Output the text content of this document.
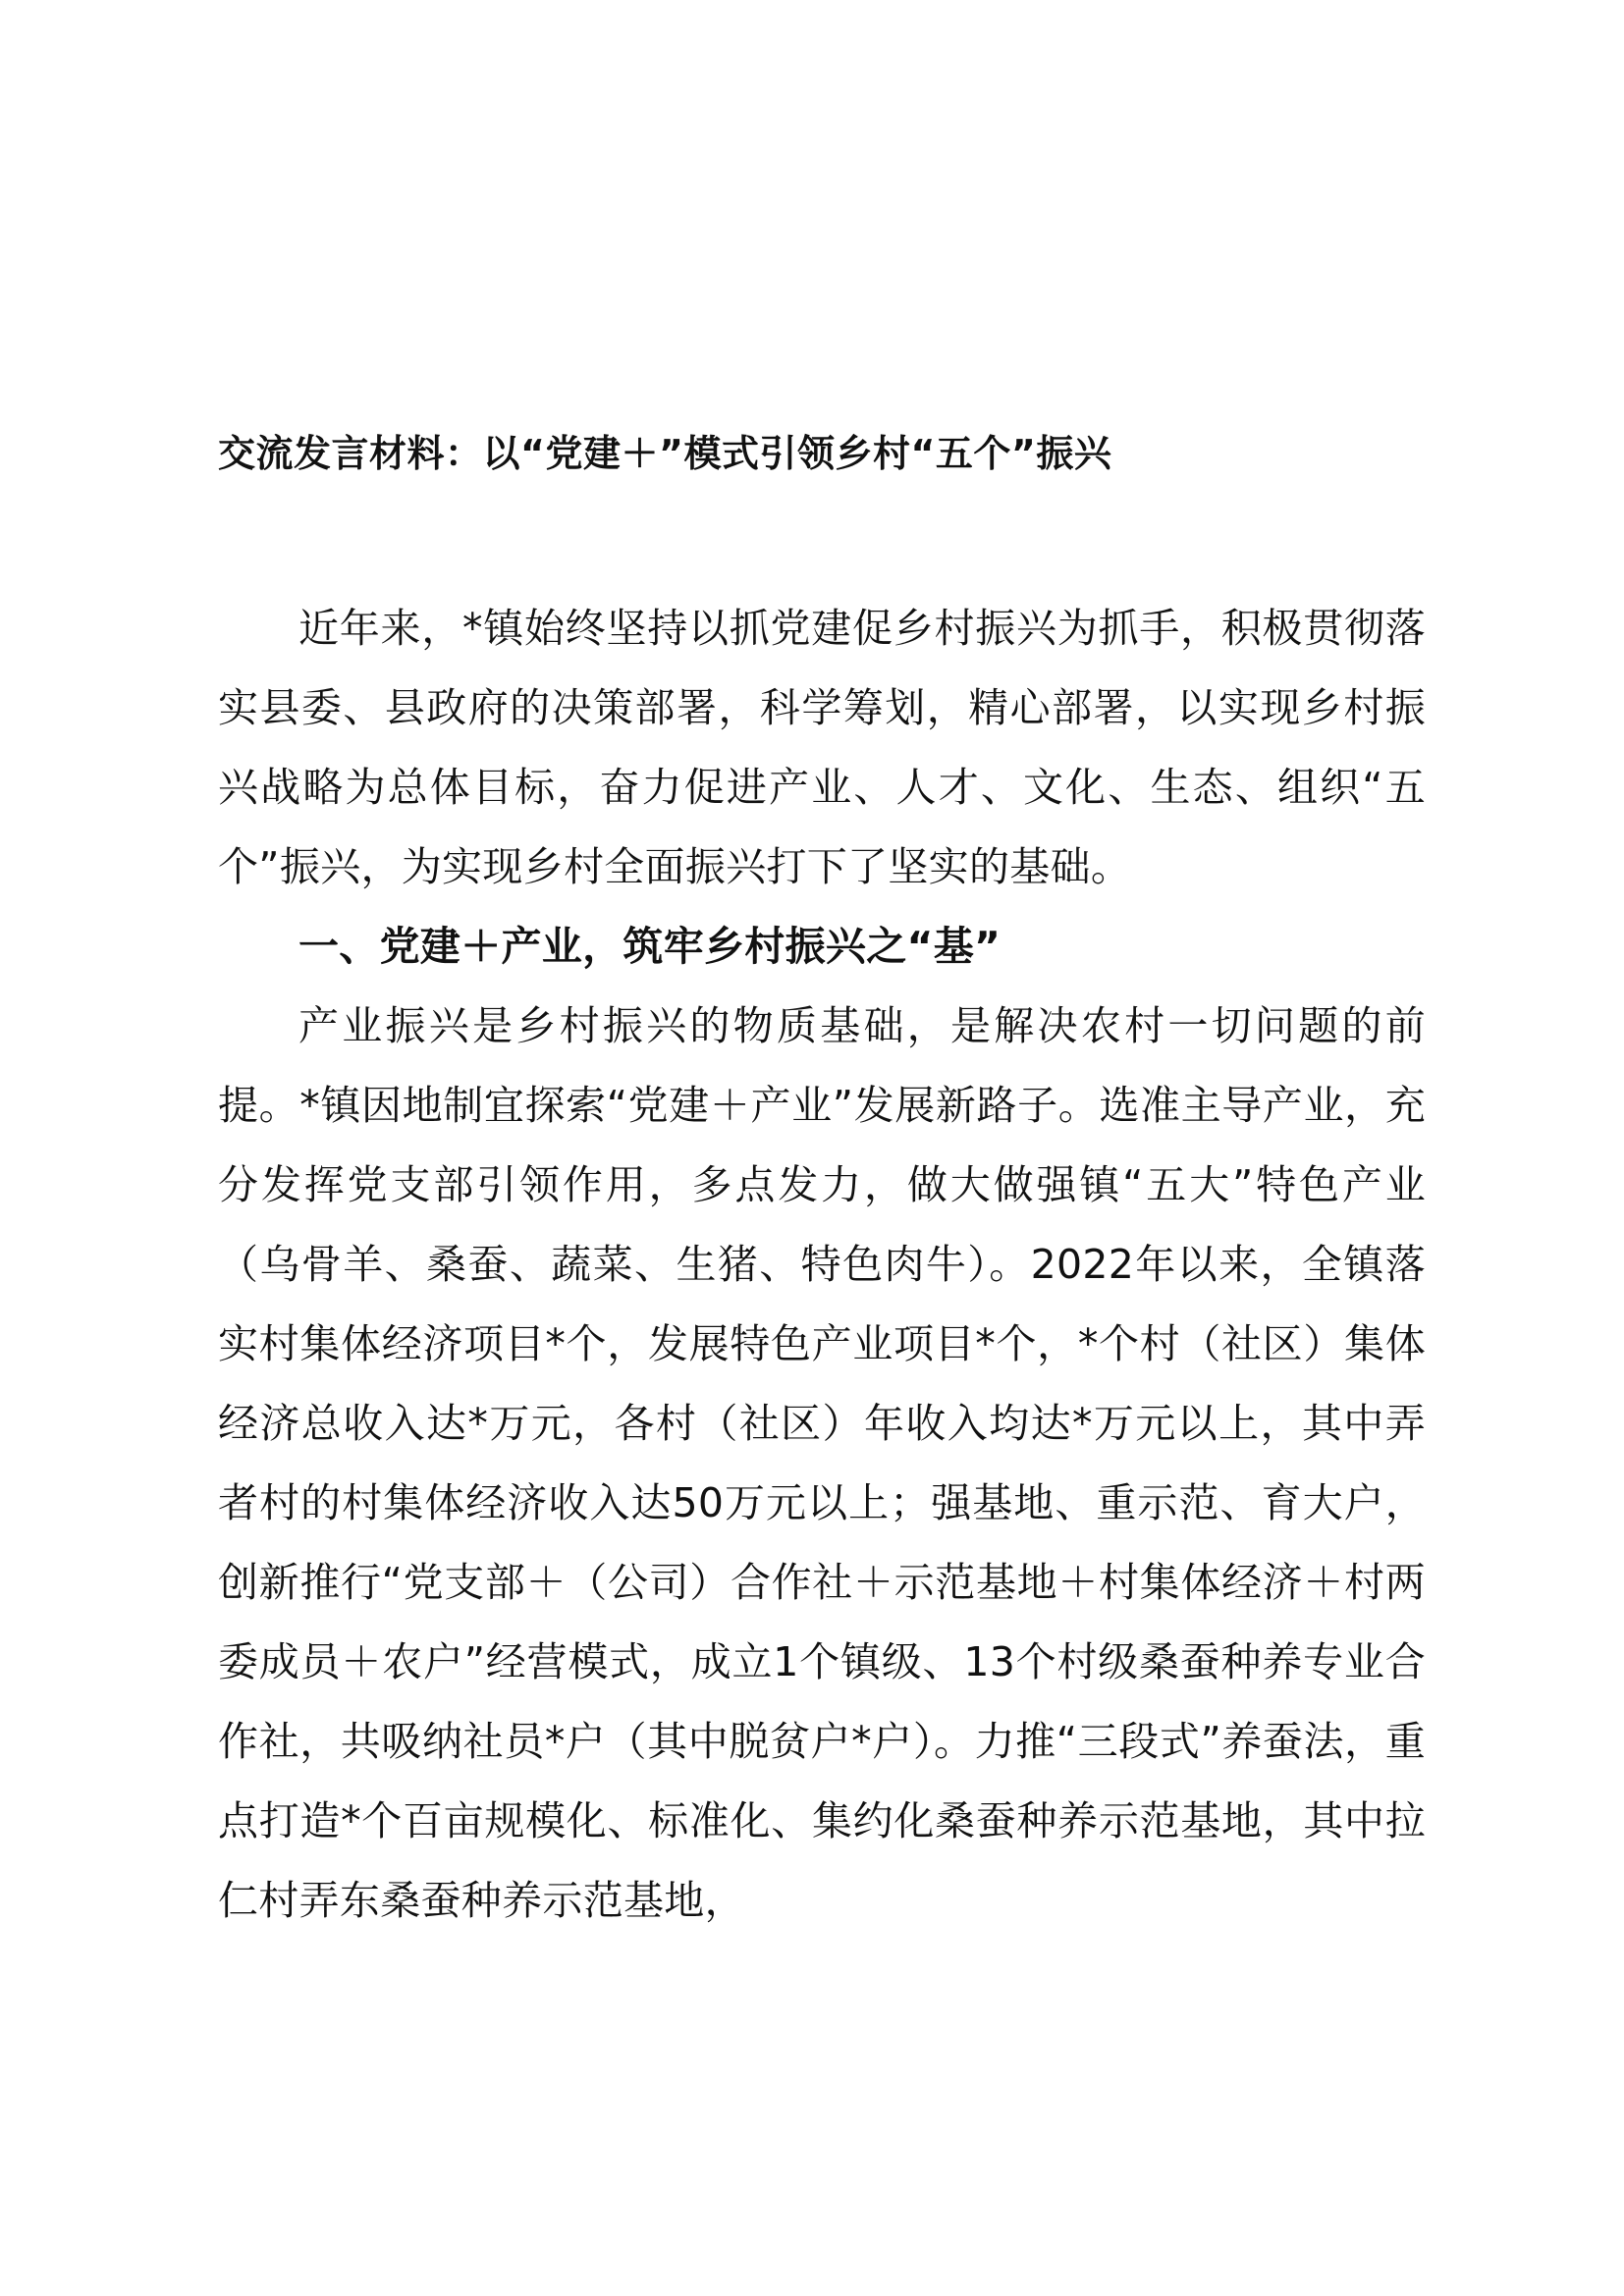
交流发言材料：以“党建＋”模式引领乡村“五个”振兴

近年来，*镇始终坚持以抓党建促乡村振兴为抓手，积极贯彻落实县委、县政府的决策部署，科学筹划，精心部署，以实现乡村振兴战略为总体目标，奋力促进产业、人才、文化、生态、组织“五个”振兴，为实现乡村全面振兴打下了坚实的基础。

一、党建＋产业，筑牢乡村振兴之“基”

产业振兴是乡村振兴的物质基础，是解决农村一切问题的前提。*镇因地制宜探索“党建＋产业”发展新路子。选准主导产业，充分发挥党支部引领作用，多点发力，做大做强镇“五大”特色产业（乌骨羊、桑蚕、蔬菜、生猪、特色肉牛）。2022年以来，全镇落实村集体经济项目*个，发展特色产业项目*个，*个村（社区）集体经济总收入达*万元，各村（社区）年收入均达*万元以上，其中弄者村的村集体经济收入达50万元以上；强基地、重示范、育大户，创新推行“党支部＋（公司）合作社＋示范基地＋村集体经济＋村两委成员＋农户”经营模式，成立1个镇级、13个村级桑蚕种养专业合作社，共吸纳社员*户（其中脱贫户*户）。力推“三段式”养蚕法，重点打造*个百亩规模化、标准化、集约化桑蚕种养示范基地，其中拉仁村弄东桑蚕种养示范基地，
